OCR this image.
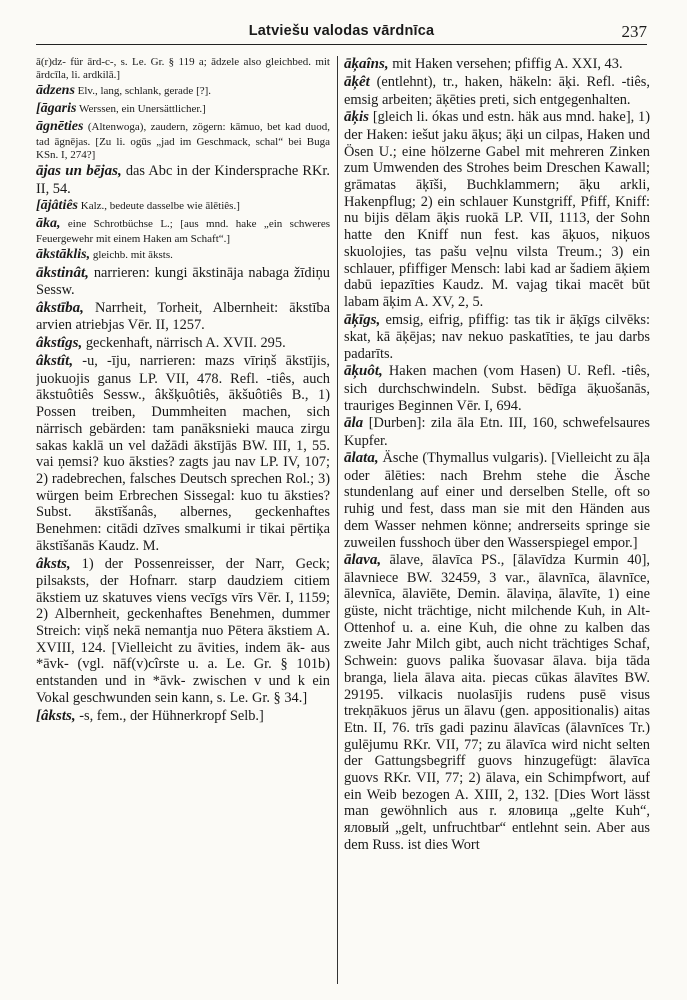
Latviešu valodas vārdnīca	237

ā(r)dz- für ārd-c-, s. Le. Gr. § 119 a; ādzele also gleichbed. mit ārdcīla, li. ardkilā.]

ādzens Elv., lang, schlank, gerade [?].

[āgaris Werssen, ein Unersättlicher.]

āgnēties (Altenwoga), zaudern, zögern: kāmuo, bet kad duod, tad āgnējas. [Zu li. ogūs „jad im Geschmack, schal“ bei Buga KSn. I, 274?]

ājas un bējas, das Abc in der Kindersprache RKr. II, 54.

[ājâtiês Kalz., bedeute dasselbe wie ālētiês.]

āka, eine Schrotbüchse L.; [aus mnd. hake „ein schweres Feuergewehr mit einem Haken am Schaft“.]

ākstāklis, gleichb. mit āksts.

ākstinât, narrieren: kungi ākstināja nabaga žīdiņu Sessw.

âkstība, Narrheit, Torheit, Albernheit: ākstība arvien atriebjas Vēr. II, 1257.

âkstîgs, geckenhaft, närrisch A. XVII. 295.

âkstît, -u, -īju, narrieren: mazs vīriņš ākstījis, juokuojis ganus LP. VII, 478. Refl. -tiês, auch ākstuôtiês Sessw., âkšķuôtiês, ākšuôtiês B., 1) Possen treiben, Dummheiten machen, sich närrisch gebärden: tam panāksnieki mauca zirgu sakas kaklā un vel dažādi ākstījās BW. III, 1, 55. vai ņemsi? kuo āksties? zagts jau nav LP. IV, 107; 2) radebrechen, falsches Deutsch sprechen Rol.; 3) würgen beim Erbrechen Sissegal: kuo tu āksties? Subst. ākstīšanâs, albernes, geckenhaftes Benehmen: citādi dzīves smalkumi ir tikai pērtiķa ākstīšanās Kaudz. M.

âksts, 1) der Possenreisser, der Narr, Geck; pilsaksts, der Hofnarr. starp daudziem citiem ākstiem uz skatuves viens vecīgs vīrs Vēr. I, 1159; 2) Albernheit, geckenhaftes Benehmen, dummer Streich: viņš nekā nemantja nuo Pētera ākstiem A. XVIII, 124. [Vielleicht zu āvities, indem āk- aus *āvk- (vgl. nāf(v)cîrste u. a. Le. Gr. § 101b) entstanden und in *āvk- zwischen v und k ein Vokal geschwunden sein kann, s. Le. Gr. § 34.]

[âksts, -s, fem., der Hühnerkropf Selb.]

āķaîns, mit Haken versehen; pfiffig A. XXI, 43.

āķêt (entlehnt), tr., haken, häkeln: āķi. Refl. -tiês, emsig arbeiten; āķēties preti, sich entgegenhalten.

āķis [gleich li. ókas und estn. häk aus mnd. hake], 1) der Haken: iešut jaku āķus; āķi un cilpas, Haken und Ösen U.; eine hölzerne Gabel mit mehreren Zinken zum Umwenden des Strohes beim Dreschen Kawall; grāmatas āķīši, Buchklammern; āķu arkli, Hakenpflug; 2) ein schlauer Kunstgriff, Pfiff, Kniff: nu bijis dēlam āķis ruokā LP. VII, 1113, der Sohn hatte den Kniff nun fest. kas āķuos, niķuos skuolojies, tas pašu veļnu vilsta Treum.; 3) ein schlauer, pfiffiger Mensch: labi kad ar šadiem āķiem dabū iepazīties Kaudz. M. vajag tikai macēt būt labam āķim A. XV, 2, 5.

āķīgs, emsig, eifrig, pfiffig: tas tik ir āķīgs cilvēks: skat, kā āķējas; nav nekuo paskatīties, te jau darbs padarīts.

āķuôt, Haken machen (vom Hasen) U. Refl. -tiês, sich durchschwindeln. Subst. bēdīga āķuošanās, trauriges Beginnen Vēr. I, 694.

āla [Durben]: zila āla Etn. III, 160, schwefelsaures Kupfer.

ālata, Äsche (Thymallus vulgaris). [Vielleicht zu āļa oder ālēties: nach Brehm stehe die Äsche stundenlang auf einer und derselben Stelle, oft so ruhig und fest, dass man sie mit den Händen aus dem Wasser nehmen könne; andrerseits springe sie zuweilen fusshoch über den Wasserspiegel empor.]

ālava, ālave, ālavīca PS., [ālavīdza Kurmin 40], ālavniece BW. 32459, 3 var., ālavnīca, ālavnīce, ālevnīca, ālaviēte, Demin. ālaviņa, ālavīte, 1) eine güste, nicht trächtige, nicht milchende Kuh, in Alt-Ottenhof u. a. eine Kuh, die ohne zu kalben das zweite Jahr Milch gibt, auch nicht trächtiges Schaf, Schwein: guovs palika šuovasar ālava. bija tāda branga, liela ālava aita. piecas cūkas ālavītes BW. 29195. vilkacis nuolasījis rudens pusē visus trekņākuos jērus un ālavu (gen. appositionalis) aitas Etn. II, 76. trīs gadi pazinu ālavīcas (ālavnīces Tr.) gulējumu RKr. VII, 77; zu ālavīca wird nicht selten der Gattungsbegriff guovs hinzugefügt: ālavīca guovs RKr. VII, 77; 2) ālava, ein Schimpfwort, auf ein Weib bezogen A. XIII, 2, 132. [Dies Wort lässt man gewöhnlich aus r. яловица „gelte Kuh“, яловый „gelt, unfruchtbar“ entlehnt sein. Aber aus dem Russ. ist dies Wort
